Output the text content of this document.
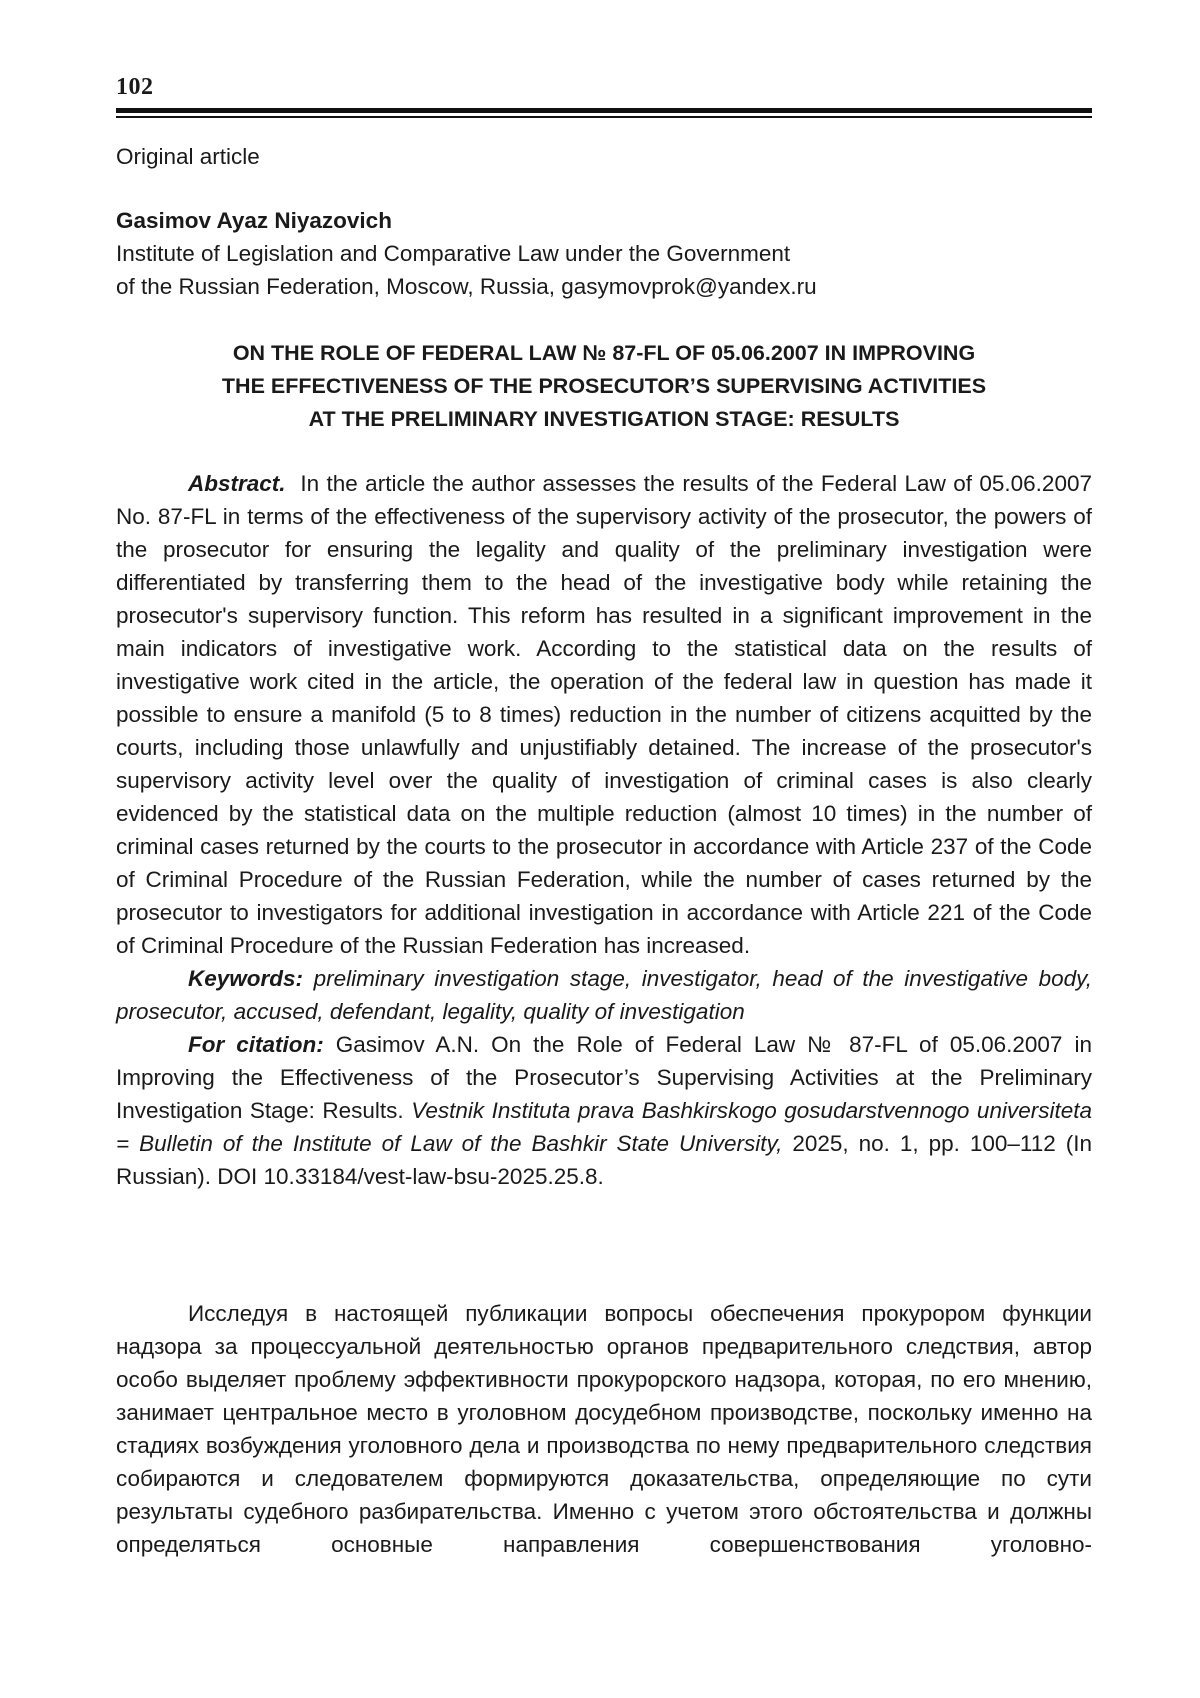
102
Original article
Gasimov Ayaz Niyazovich
Institute of Legislation and Comparative Law under the Government
of the Russian Federation, Moscow, Russia, gasymovprok@yandex.ru
ON THE ROLE OF FEDERAL LAW № 87-FL OF 05.06.2007 IN IMPROVING
THE EFFECTIVENESS OF THE PROSECUTOR’S SUPERVISING ACTIVITIES
AT THE PRELIMINARY INVESTIGATION STAGE: RESULTS

Abstract. In the article the author assesses the results of the Federal Law of 05.06.2007 No. 87-FL in terms of the effectiveness of the supervisory activity of the prosecutor, the powers of the prosecutor for ensuring the legality and quality of the preliminary investigation were differentiated by transferring them to the head of the investigative body while retaining the prosecutor's supervisory function. This reform has resulted in a significant improvement in the main indicators of investigative work. According to the statistical data on the results of investigative work cited in the article, the operation of the federal law in question has made it possible to ensure a manifold (5 to 8 times) reduction in the number of citizens acquitted by the courts, including those unlawfully and unjustifiably detained. The increase of the prosecutor's supervisory activity level over the quality of investigation of criminal cases is also clearly evidenced by the statistical data on the multiple reduction (almost 10 times) in the number of criminal cases returned by the courts to the prosecutor in accordance with Article 237 of the Code of Criminal Procedure of the Russian Federation, while the number of cases returned by the prosecutor to investigators for additional investigation in accordance with Article 221 of the Code of Criminal Procedure of the Russian Federation has increased.

Keywords: preliminary investigation stage, investigator, head of the investigative body, prosecutor, accused, defendant, legality, quality of investigation

For citation: Gasimov A.N. On the Role of Federal Law № 87-FL of 05.06.2007 in Improving the Effectiveness of the Prosecutor’s Supervising Activities at the Preliminary Investigation Stage: Results. Vestnik Instituta prava Bashkirskogo gosudarstvennogo universiteta = Bulletin of the Institute of Law of the Bashkir State University, 2025, no. 1, pp. 100–112 (In Russian). DOI 10.33184/vest-law-bsu-2025.25.8.

Исследуя в настоящей публикации вопросы обеспечения прокурором функции надзора за процессуальной деятельностью органов предварительного следствия, автор особо выделяет проблему эффективности прокурорского надзора, которая, по его мнению, занимает центральное место в уголовном досудебном производстве, поскольку именно на стадиях возбуждения уголовного дела и производства по нему предварительного следствия собираются и следователем формируются доказательства, определяющие по сути результаты судебного разбирательства. Именно с учетом этого обстоятельства и должны определяться основные направления совершенствования уголовно-
